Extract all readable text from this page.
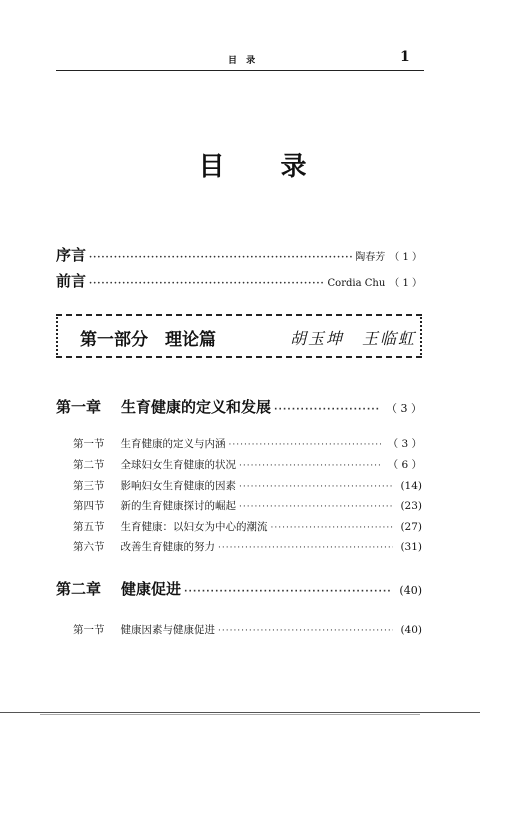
目 录	1
目 录
序言 ·····	陶春芳 （ 1 ）
前言 ·····	Cordia Chu （ 1 ）
第一部分　理论篇	胡玉坤　王临虹
第一章 生育健康的定义和发展 ·····	（ 3 ）
第一节 生育健康的定义与内涵 ·····	（ 3 ）
第二节 全球妇女生育健康的状况 ·····	（ 6 ）
第三节 影响妇女生育健康的因素 ·····	(14)
第四节 新的生育健康探讨的崛起 ·····	(23)
第五节 生育健康：以妇女为中心的潮流 ·····	(27)
第六节 改善生育健康的努力 ·····	(31)
第二章 健康促进 ·····	(40)
第一节 健康因素与健康促进 ·····	(40)
